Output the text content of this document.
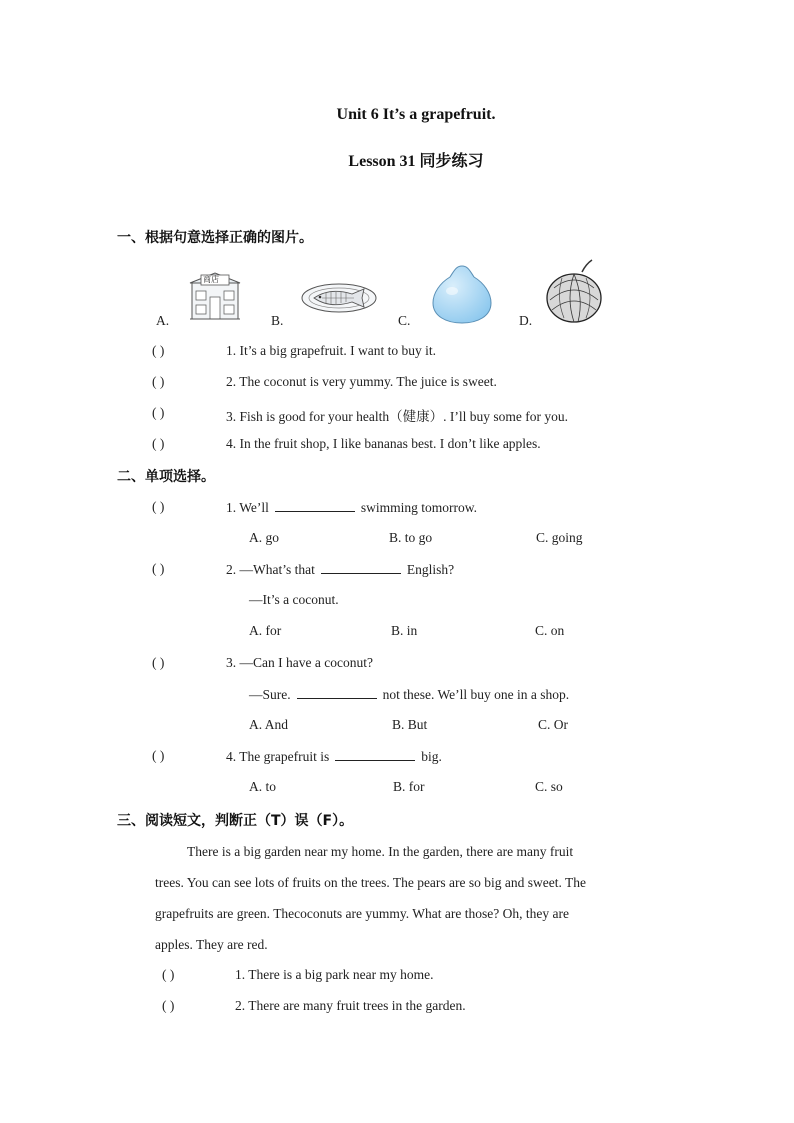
Unit 6 It’s a grapefruit.
Lesson 31 同步练习
一、根据句意选择正确的图片。
商店
A.	B.	C.	D.
( )	1. It’s a big grapefruit. I want to buy it.
( )	2. The coconut is very yummy. The juice is sweet.
( )	3. Fish is good for your health（健康）. I’ll buy some for you.
( )	4. In the fruit shop, I like bananas best. I don’t like apples.
二、单项选择。
( )	1. We’ll	swimming tomorrow.
A. go	B. to go	C. going
( )	2. —What’s that	English?
—It’s a coconut.
A. for	B. in	C. on
( )	3. —Can I have a coconut?
—Sure.	not these. We’ll buy one in a shop.
A. And	B. But	C. Or
( )	4. The grapefruit is	big.
A. to	B. for	C. so
三、阅读短文，判断正（T）误（F）。
There is a big garden near my home. In the garden, there are many fruit
trees. You can see lots of fruits on the trees. The pears are so big and sweet. The
grapefruits are green. Thecoconuts are yummy. What are those? Oh, they are
apples. They are red.
( )	1. There is a big park near my home.
( )	2. There are many fruit trees in the garden.
